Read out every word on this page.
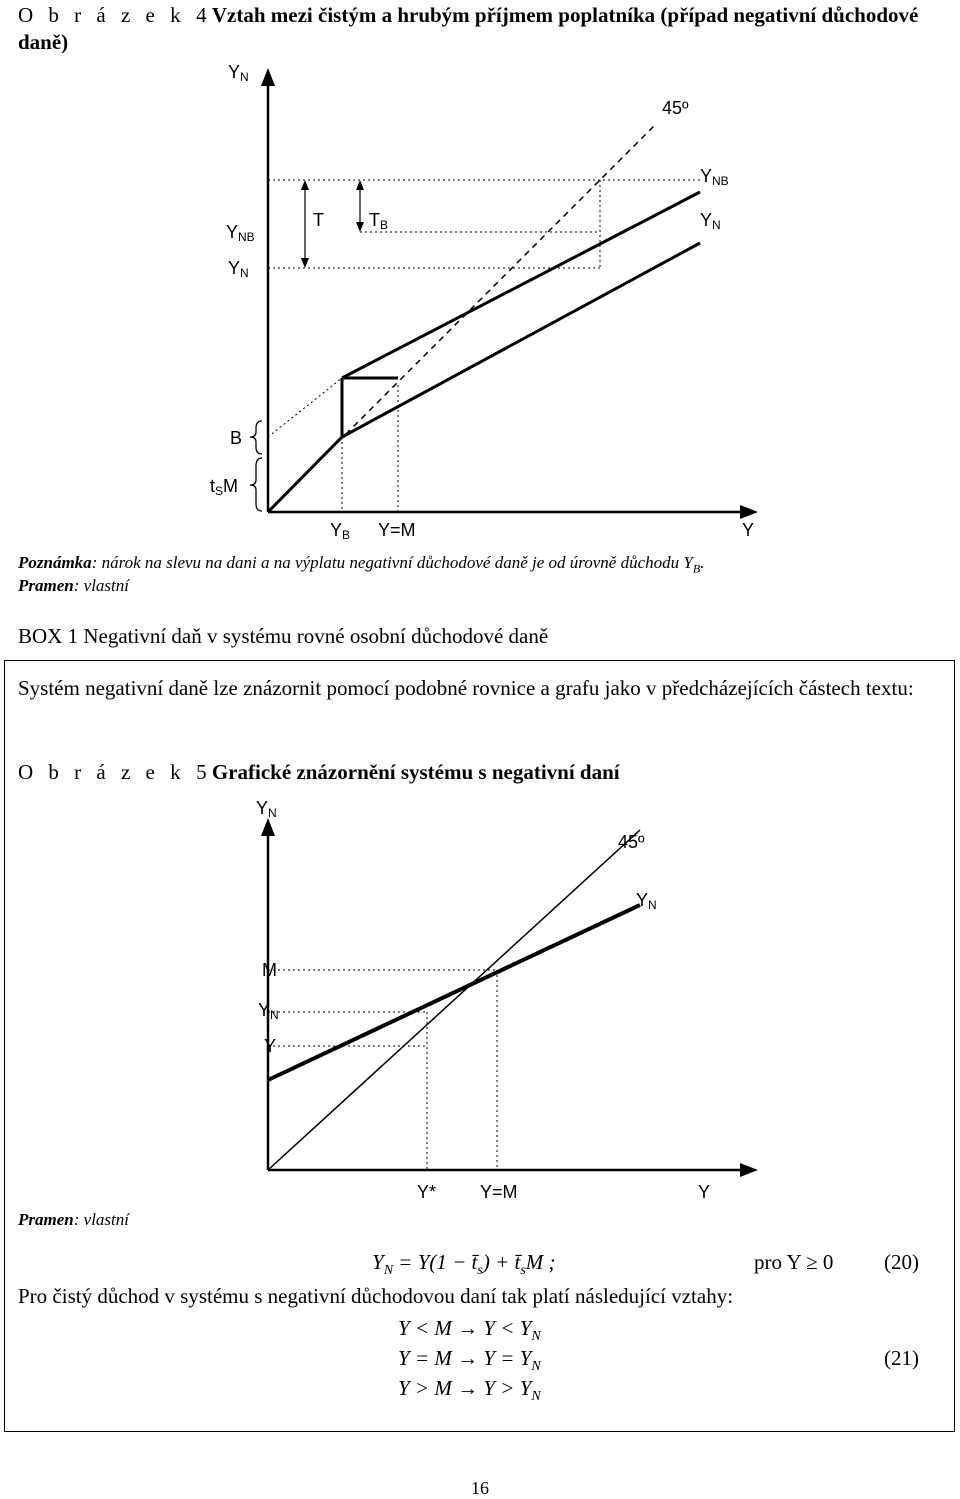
O b r á z e k 4 Vztah mezi čistým a hrubým příjmem poplatníka (případ negativní důchodové daně)
$Y_N$
45º
$Y_{NB}$
$Y_N$
$Y_{NB}$
$Y_N$
T	$T_B$
B
$t_SM$
$Y_B$ Y=M	Y
Poznámka: nárok na slevu na dani a na výplatu negativní důchodové daně je od úrovně důchodu $Y_B$.
Pramen: vlastní
BOX 1 Negativní daň v systému rovné osobní důchodové daně
Systém negativní daně lze znázornit pomocí podobné rovnice a grafu jako v předcházejících částech textu:
O b r á z e k 5 Grafické znázornění systému s negativní daní
$Y_N$
45º
$Y_N$
M
$Y_N$
Y
Y* Y=M	Y
Pramen: vlastní
$Y_N = Y(1$ − $t̄_s$) + $t̄_sM$ ;	pro Y ≥ 0 (20)
Pro čistý důchod v systému s negativní důchodovou daní tak platí následující vztahy:
$Y < M \to Y < Y_N$
$Y = M \to Y = Y_N$
$Y > M \to Y > Y_N$
(21)
16
